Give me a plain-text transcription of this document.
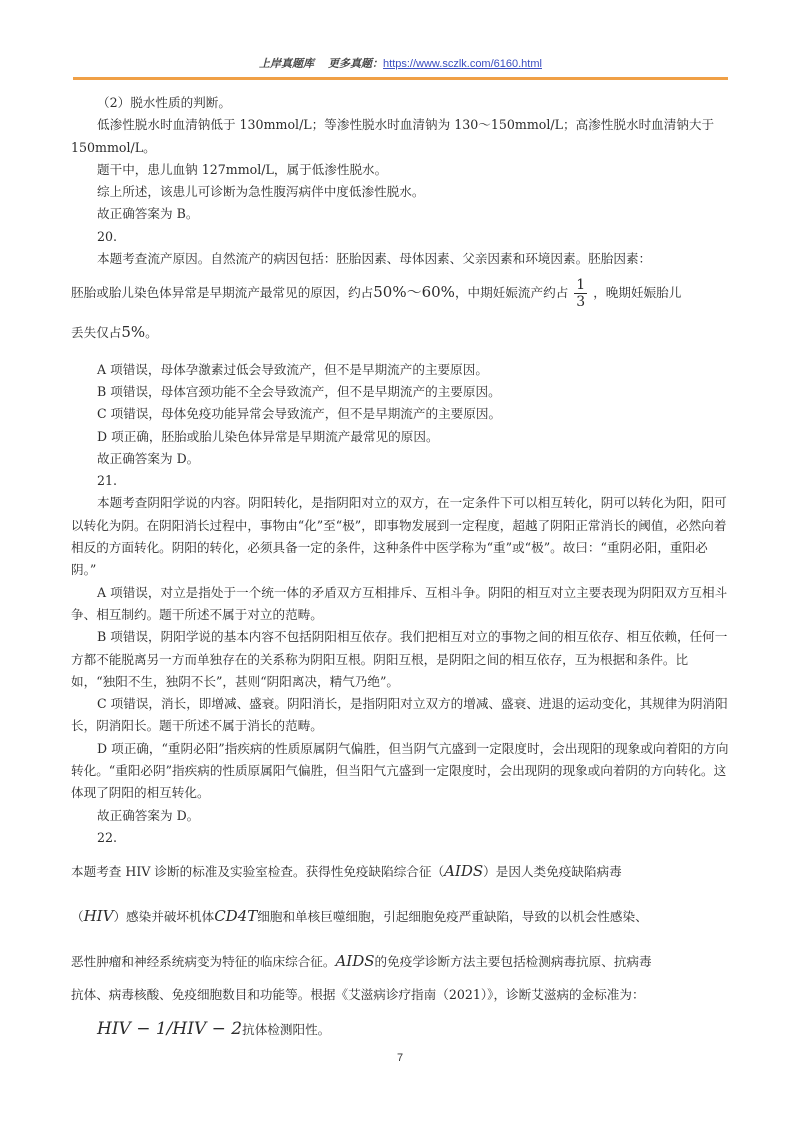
上岸真题库 更多真题：https://www.sczlk.com/6160.html

（2）脱水性质的判断。

低渗性脱水时血清钠低于 130mmol/L；等渗性脱水时血清钠为 130～150mmol/L；高渗性脱水时血清钠大于 150mmol/L。

题干中，患儿血钠 127mmol/L，属于低渗性脱水。

综上所述，该患儿可诊断为急性腹泻病伴中度低渗性脱水。

故正确答案为 B。

20.

本题考查流产原因。自然流产的病因包括：胚胎因素、母体因素、父亲因素和环境因素。胚胎因素：

胚胎或胎儿染色体异常是早期流产最常见的原因，约占50%～60%，中期妊娠流产约占 $\frac{1}{3}$ ，晚期妊娠胎儿

丢失仅占5%。

A 项错误，母体孕激素过低会导致流产，但不是早期流产的主要原因。

B 项错误，母体宫颈功能不全会导致流产，但不是早期流产的主要原因。

C 项错误，母体免疫功能异常会导致流产，但不是早期流产的主要原因。

D 项正确，胚胎或胎儿染色体异常是早期流产最常见的原因。

故正确答案为 D。

21.

本题考查阴阳学说的内容。阴阳转化，是指阴阳对立的双方，在一定条件下可以相互转化，阴可以转化为阳，阳可以转化为阴。在阴阳消长过程中，事物由“化”至“极”，即事物发展到一定程度，超越了阴阳正常消长的阈值，必然向着相反的方面转化。阴阳的转化，必须具备一定的条件，这种条件中医学称为“重”或“极”。故曰：“重阴必阳，重阳必阴。”

A 项错误，对立是指处于一个统一体的矛盾双方互相排斥、互相斗争。阴阳的相互对立主要表现为阴阳双方互相斗争、相互制约。题干所述不属于对立的范畴。

B 项错误，阴阳学说的基本内容不包括阴阳相互依存。我们把相互对立的事物之间的相互依存、相互依赖，任何一方都不能脱离另一方而单独存在的关系称为阴阳互根。阴阳互根，是阴阳之间的相互依存，互为根据和条件。比如，“独阳不生，独阴不长”，甚则“阴阳离决，精气乃绝”。

C 项错误，消长，即增减、盛衰。阴阳消长，是指阴阳对立双方的增减、盛衰、进退的运动变化，其规律为阴消阳长，阴消阳长。题干所述不属于消长的范畴。

D 项正确，“重阴必阳”指疾病的性质原属阴气偏胜，但当阴气亢盛到一定限度时，会出现阳的现象或向着阳的方向转化。“重阳必阴”指疾病的性质原属阳气偏胜，但当阳气亢盛到一定限度时，会出现阴的现象或向着阴的方向转化。这体现了阴阳的相互转化。

故正确答案为 D。

22.

本题考查 HIV 诊断的标准及实验室检查。获得性免疫缺陷综合征（AIDS）是因人类免疫缺陷病毒

（HIV）感染并破坏机体CD4T细胞和单核巨噬细胞，引起细胞免疫严重缺陷，导致的以机会性感染、

恶性肿瘤和神经系统病变为特征的临床综合征。AIDS的免疫学诊断方法主要包括检测病毒抗原、抗病毒

抗体、病毒核酸、免疫细胞数目和功能等。根据《艾滋病诊疗指南（2021）》，诊断艾滋病的金标准为：

HIV − 1/HIV − 2抗体检测阳性。

7
